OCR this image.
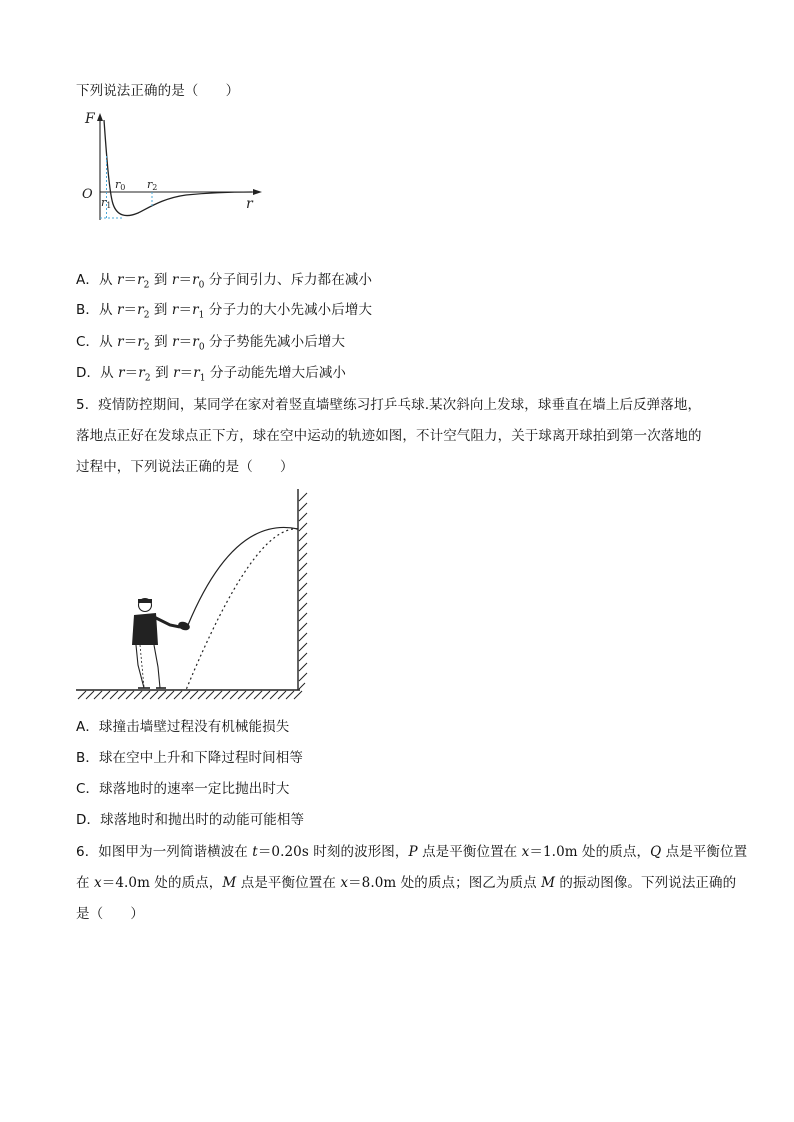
下列说法正确的是（　　）
F
r
O
r0 r2
r1
A．从 $r=r_2$ 到 $r=r_0$ 分子间引力、斥力都在减小
B．从 $r=r_2$ 到 $r=r_1$ 分子力的大小先减小后增大
C．从 $r=r_2$ 到 $r=r_0$ 分子势能先减小后增大
D．从 $r=r_2$ 到 $r=r_1$ 分子动能先增大后减小
5．疫情防控期间，某同学在家对着竖直墙壁练习打乒乓球.某次斜向上发球，球垂直在墙上后反弹落地，
落地点正好在发球点正下方，球在空中运动的轨迹如图，不计空气阻力，关于球离开球拍到第一次落地的
过程中，下列说法正确的是（　　）
A．球撞击墙壁过程没有机械能损失
B．球在空中上升和下降过程时间相等
C．球落地时的速率一定比抛出时大
D．球落地时和抛出时的动能可能相等
6．如图甲为一列简谐横波在 t＝0.20s 时刻的波形图，P 点是平衡位置在 x＝1.0m 处的质点，Q 点是平衡位置
在 x＝4.0m 处的质点，M 点是平衡位置在 x＝8.0m 处的质点；图乙为质点 M 的振动图像。下列说法正确的
是（　　）
